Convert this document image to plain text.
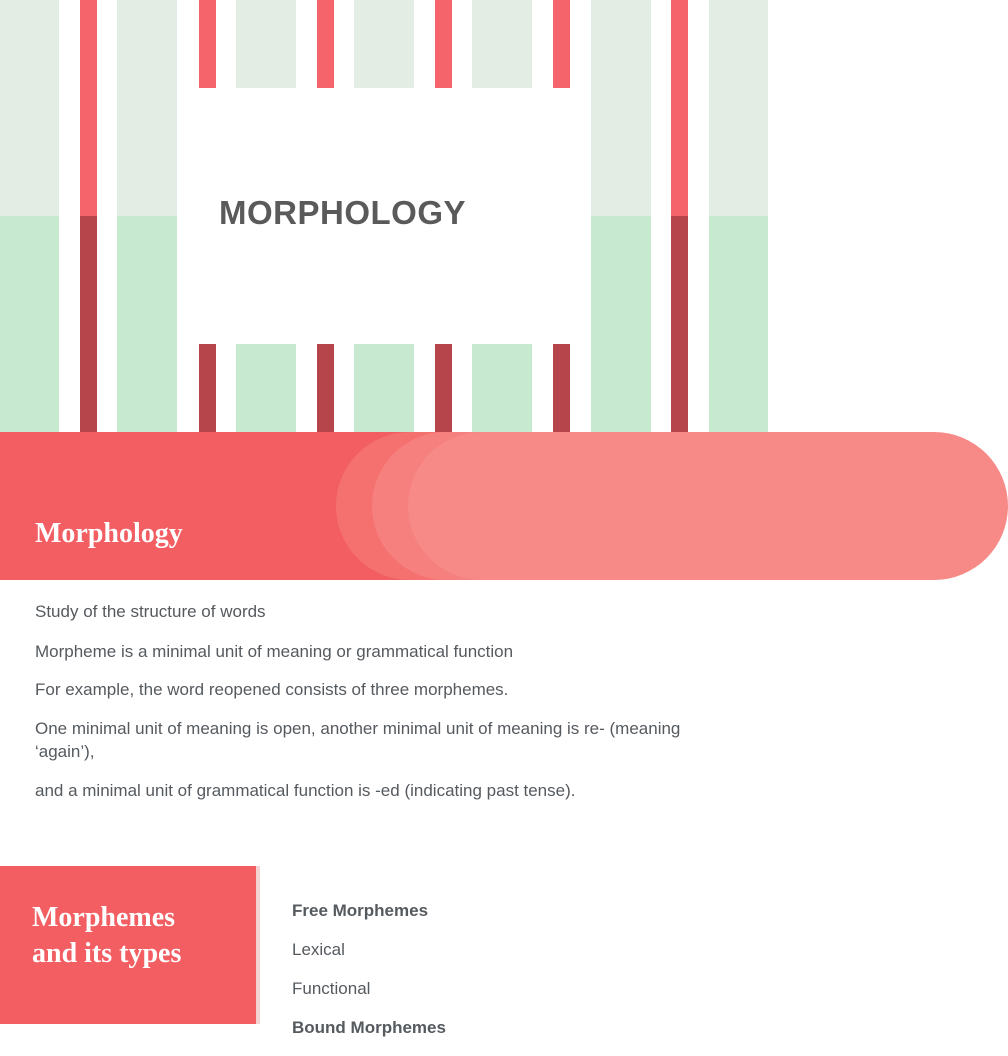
MORPHOLOGY
Morphology

Study of the structure of words

Morpheme is a minimal unit of meaning or grammatical function

For example, the word reopened consists of three morphemes.

One minimal unit of meaning is open, another minimal unit of meaning is re- (meaning ‘again’),

and a minimal unit of grammatical function is -ed (indicating past tense).

Morphemes
and its types
Free Morphemes
Lexical
Functional
Bound Morphemes
